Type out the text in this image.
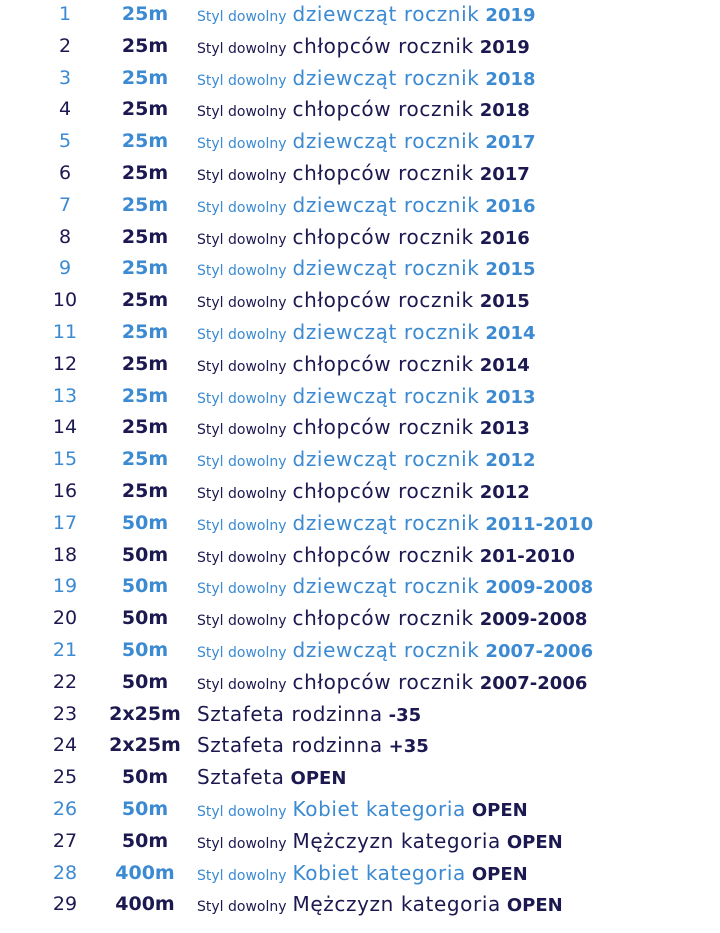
1	25m	Styl dowolny dziewcząt rocznik 2019
2	25m	Styl dowolny chłopców rocznik 2019
3	25m	Styl dowolny dziewcząt rocznik 2018
4	25m	Styl dowolny chłopców rocznik 2018
5	25m	Styl dowolny dziewcząt rocznik 2017
6	25m	Styl dowolny chłopców rocznik 2017
7	25m	Styl dowolny dziewcząt rocznik 2016
8	25m	Styl dowolny chłopców rocznik 2016
9	25m	Styl dowolny dziewcząt rocznik 2015
10	25m	Styl dowolny chłopców rocznik 2015
11	25m	Styl dowolny dziewcząt rocznik 2014
12	25m	Styl dowolny chłopców rocznik 2014
13	25m	Styl dowolny dziewcząt rocznik 2013
14	25m	Styl dowolny chłopców rocznik 2013
15	25m	Styl dowolny dziewcząt rocznik 2012
16	25m	Styl dowolny chłopców rocznik 2012
17	50m	Styl dowolny dziewcząt rocznik 2011-2010
18	50m	Styl dowolny chłopców rocznik 201-2010
19	50m	Styl dowolny dziewcząt rocznik 2009-2008
20	50m	Styl dowolny chłopców rocznik 2009-2008
21	50m	Styl dowolny dziewcząt rocznik 2007-2006
22	50m	Styl dowolny chłopców rocznik 2007-2006
23	2x25m Sztafeta rodzinna -35
24	2x25m Sztafeta rodzinna +35
25	50m	Sztafeta OPEN
26	50m	Styl dowolny Kobiet kategoria OPEN
27	50m	Styl dowolny Mężczyzn kategoria OPEN
28	400m	Styl dowolny Kobiet kategoria OPEN
29	400m	Styl dowolny Mężczyzn kategoria OPEN
